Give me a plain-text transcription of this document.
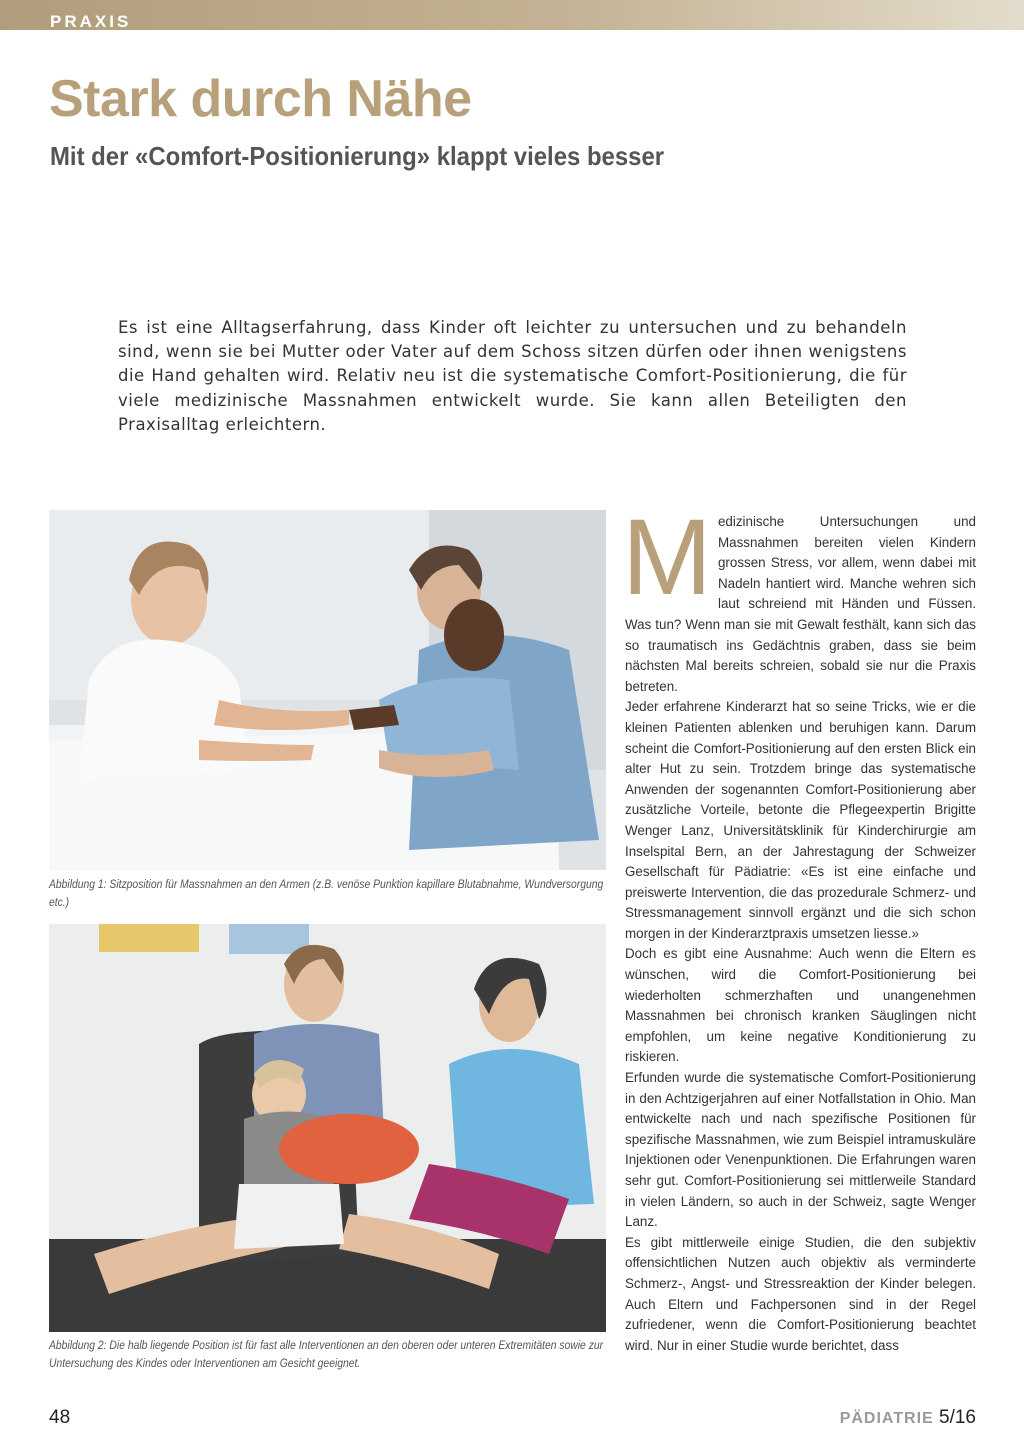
PRAXIS
Stark durch Nähe
Mit der «Comfort-Positionierung» klappt vieles besser

Es ist eine Alltagserfahrung, dass Kinder oft leichter zu untersuchen und zu behandeln sind, wenn sie bei Mutter oder Vater auf dem Schoss sitzen dürfen oder ihnen wenigstens die Hand gehalten wird. Relativ neu ist die systematische Comfort-Positionierung, die für viele medizinische Massnahmen entwickelt wurde. Sie kann allen Beteiligten den Praxisalltag erleichtern.

Abbildung 1: Sitzposition für Massnahmen an den Armen (z.B. venöse Punktion kapillare Blutabnahme, Wundversorgung etc.)

Abbildung 2: Die halb liegende Position ist für fast alle Interventionen an den oberen oder unteren Extremitäten sowie zur Untersuchung des Kindes oder Interventionen am Gesicht geeignet.

M edizinische Untersuchungen und Massnahmen bereiten vielen Kindern grossen Stress, vor allem, wenn dabei mit Nadeln hantiert wird. Manche wehren sich laut schreiend mit Händen und Füssen. Was tun? Wenn man sie mit Gewalt festhält, kann sich das so traumatisch ins Gedächtnis graben, dass sie beim nächsten Mal bereits schreien, sobald sie nur die Praxis betreten.

Jeder erfahrene Kinderarzt hat so seine Tricks, wie er die kleinen Patienten ablenken und beruhigen kann. Darum scheint die Comfort-Positionierung auf den ersten Blick ein alter Hut zu sein. Trotzdem bringe das systematische Anwenden der sogenannten Comfort-Positionierung aber zusätzliche Vorteile, betonte die Pflegeexpertin Brigitte Wenger Lanz, Universitätsklinik für Kinderchirurgie am Inselspital Bern, an der Jahrestagung der Schweizer Gesellschaft für Pädiatrie: «Es ist eine einfache und preiswerte Intervention, die das prozedurale Schmerz- und Stressmanagement sinnvoll ergänzt und die sich schon morgen in der Kinderarztpraxis umsetzen liesse.»

Doch es gibt eine Ausnahme: Auch wenn die Eltern es wünschen, wird die Comfort-Positionierung bei wiederholten schmerzhaften und unangenehmen Massnahmen bei chronisch kranken Säuglingen nicht empfohlen, um keine negative Konditionierung zu riskieren.

Erfunden wurde die systematische Comfort-Positionierung in den Achtzigerjahren auf einer Notfallstation in Ohio. Man entwickelte nach und nach spezifische Positionen für spezifische Massnahmen, wie zum Beispiel intramuskuläre Injektionen oder Venenpunktionen. Die Erfahrungen waren sehr gut. Comfort-Positionierung sei mittlerweile Standard in vielen Ländern, so auch in der Schweiz, sagte Wenger Lanz.

Es gibt mittlerweile einige Studien, die den subjektiv offensichtlichen Nutzen auch objektiv als verminderte Schmerz-, Angst- und Stressreaktion der Kinder belegen. Auch Eltern und Fachpersonen sind in der Regel zufriedener, wenn die Comfort-Positionierung beachtet wird. Nur in einer Studie wurde berichtet, dass

48	PÄDIATRIE 5/16
